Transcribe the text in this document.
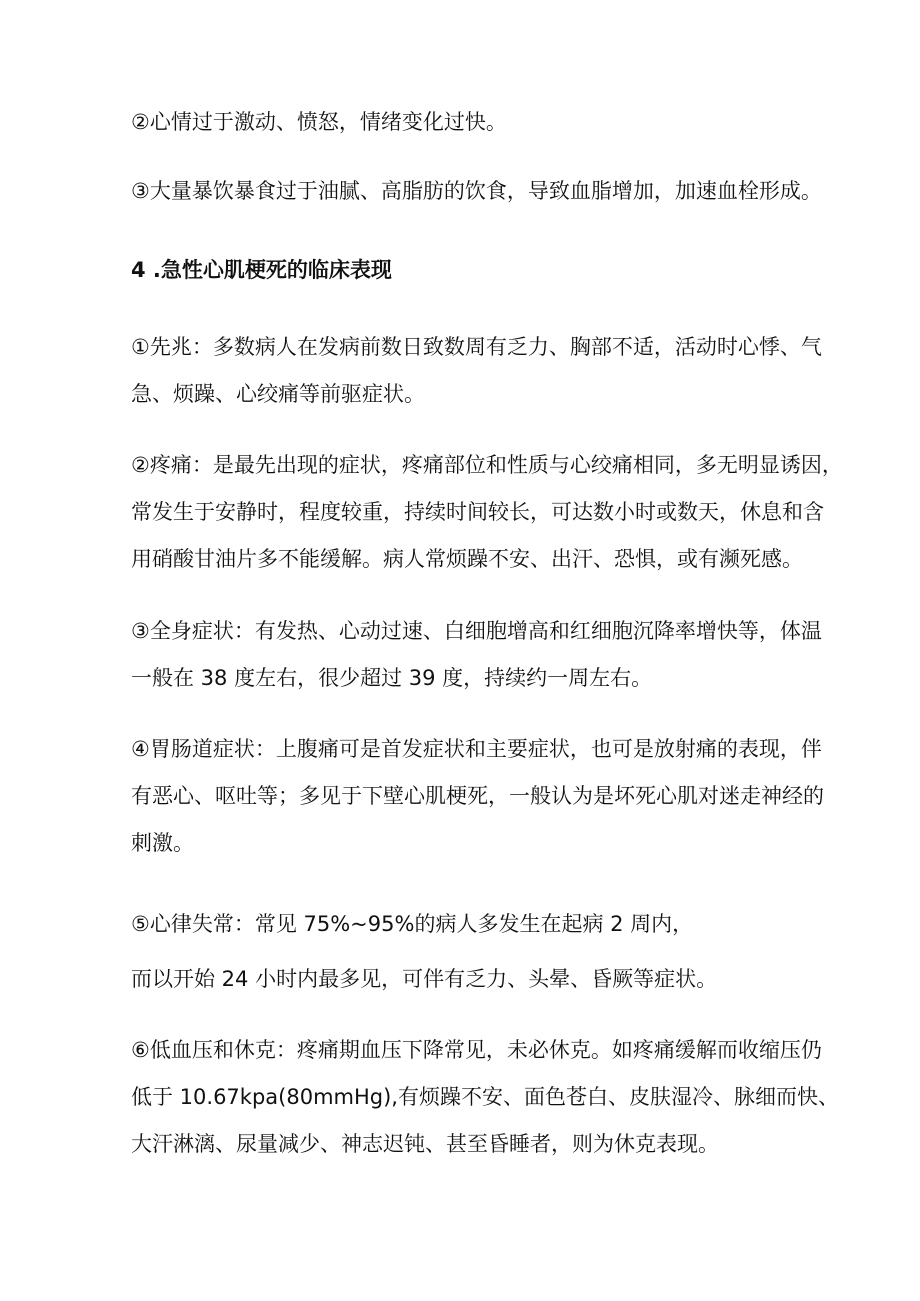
②心情过于激动、愤怒，情绪变化过快。
③大量暴饮暴食过于油腻、高脂肪的饮食，导致血脂增加，加速血栓形成。
4 .急性心肌梗死的临床表现
①先兆：多数病人在发病前数日致数周有乏力、胸部不适，活动时心悸、气
急、烦躁、心绞痛等前驱症状。
②疼痛：是最先出现的症状，疼痛部位和性质与心绞痛相同，多无明显诱因，
常发生于安静时，程度较重，持续时间较长，可达数小时或数天，休息和含
用硝酸甘油片多不能缓解。病人常烦躁不安、出汗、恐惧，或有濒死感。
③全身症状：有发热、心动过速、白细胞增高和红细胞沉降率增快等，体温
一般在 38 度左右，很少超过 39 度，持续约一周左右。
④胃肠道症状：上腹痛可是首发症状和主要症状，也可是放射痛的表现，伴
有恶心、呕吐等；多见于下壁心肌梗死，一般认为是坏死心肌对迷走神经的
刺激。
⑤心律失常：常见 75%~95%的病人多发生在起病 2 周内，
而以开始 24 小时内最多见，可伴有乏力、头晕、昏厥等症状。
⑥低血压和休克：疼痛期血压下降常见，未必休克。如疼痛缓解而收缩压仍
低于 10.67kpa(80mmHg),有烦躁不安、面色苍白、皮肤湿冷、脉细而快、
大汗淋漓、尿量减少、神志迟钝、甚至昏睡者，则为休克表现。
